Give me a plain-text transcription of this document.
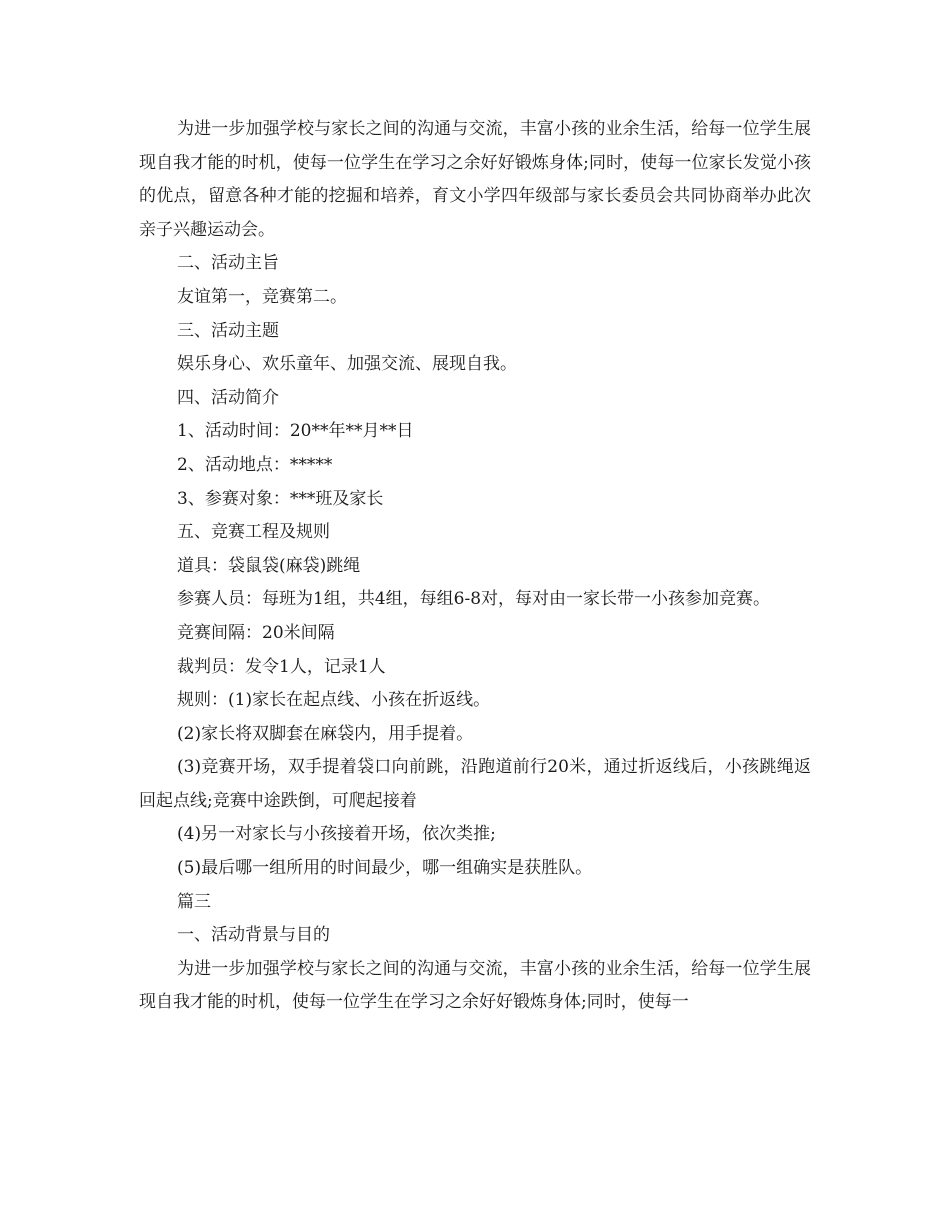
为进一步加强学校与家长之间的沟通与交流，丰富小孩的业余生活，给每一位学生展现自我才能的时机，使每一位学生在学习之余好好锻炼身体;同时，使每一位家长发觉小孩的优点，留意各种才能的挖掘和培养，育文小学四年级部与家长委员会共同协商举办此次亲子兴趣运动会。

二、活动主旨

友谊第一，竞赛第二。

三、活动主题

娱乐身心、欢乐童年、加强交流、展现自我。

四、活动简介

1、活动时间：20**年**月**日

2、活动地点：*****

3、参赛对象：***班及家长

五、竞赛工程及规则

道具：袋鼠袋(麻袋)跳绳

参赛人员：每班为1组，共4组，每组6-8对，每对由一家长带一小孩参加竞赛。

竞赛间隔：20米间隔

裁判员：发令1人，记录1人

规则：(1)家长在起点线、小孩在折返线。

(2)家长将双脚套在麻袋内，用手提着。

(3)竞赛开场，双手提着袋口向前跳，沿跑道前行20米，通过折返线后，小孩跳绳返回起点线;竞赛中途跌倒，可爬起接着

(4)另一对家长与小孩接着开场，依次类推;

(5)最后哪一组所用的时间最少，哪一组确实是获胜队。

篇三

一、活动背景与目的

为进一步加强学校与家长之间的沟通与交流，丰富小孩的业余生活，给每一位学生展现自我才能的时机，使每一位学生在学习之余好好锻炼身体;同时，使每一
